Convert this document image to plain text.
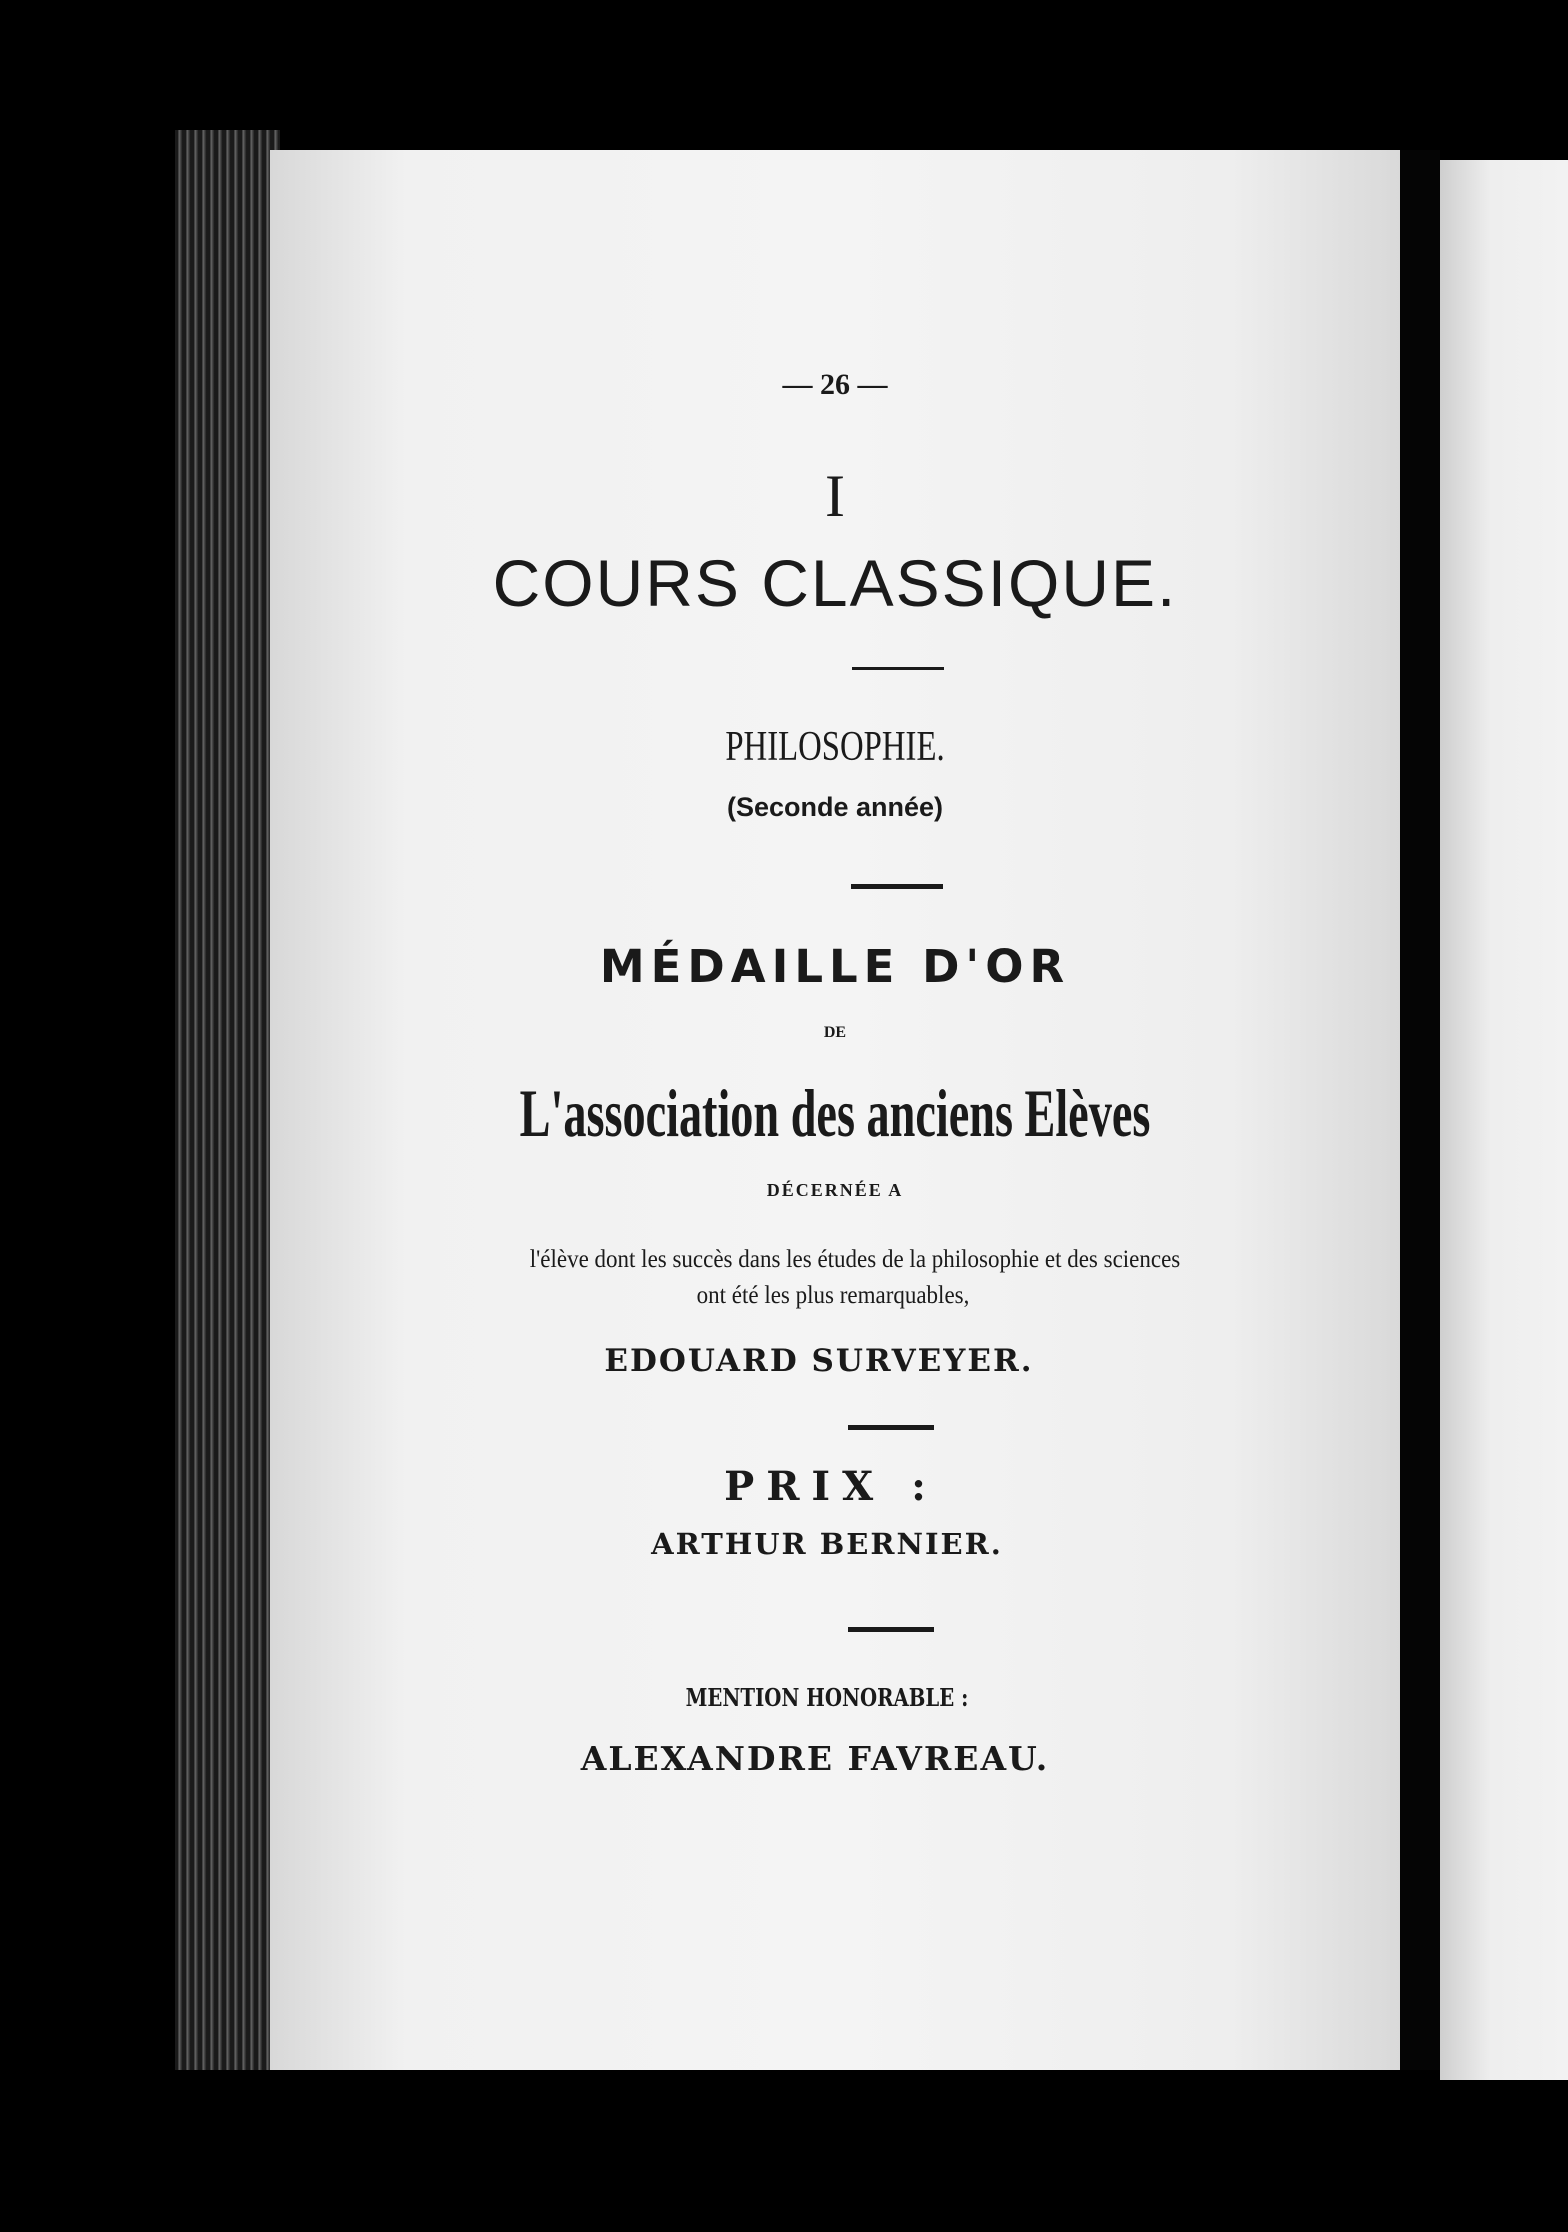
— 26 —
I
COURS CLASSIQUE.
PHILOSOPHIE.
(Seconde année)
MÉDAILLE D'OR
DE
L'association des anciens Elèves
DÉCERNÉE A
l'élève dont les succès dans les études de la philosophie et des sciences
ont été les plus remarquables,
EDOUARD SURVEYER.
PRIX :
ARTHUR BERNIER.
MENTION HONORABLE :
ALEXANDRE FAVREAU.
